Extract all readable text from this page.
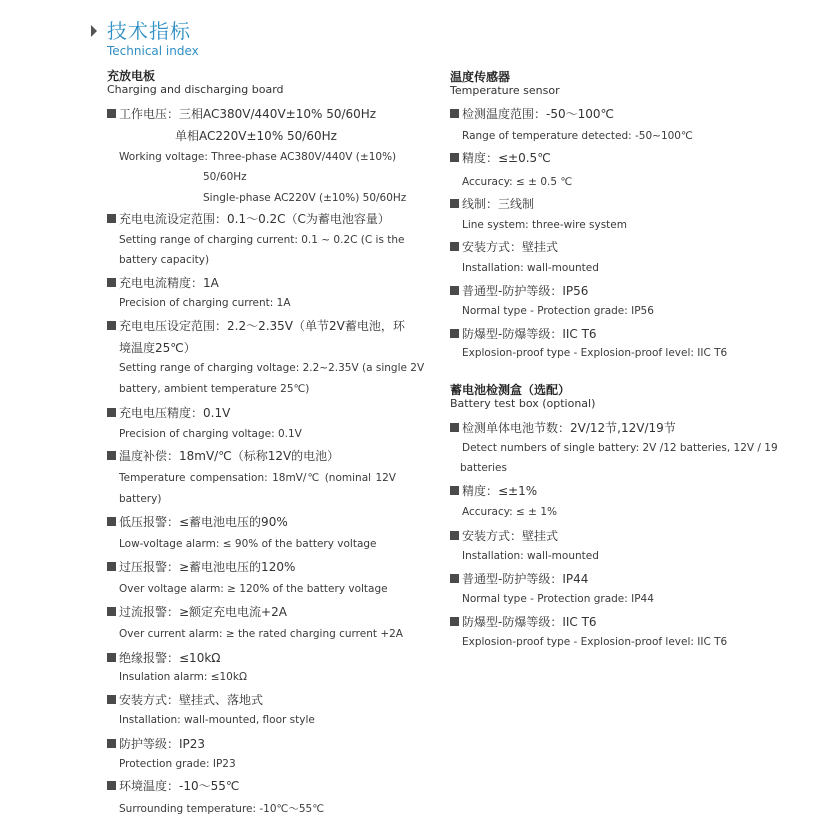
技术指标
Technical index
充放电板
Charging and discharging board
工作电压：三相AC380V/440V±10% 50/60Hz
单相AC220V±10% 50/60Hz
Working voltage: Three-phase AC380V/440V (±10%)
50/60Hz
Single-phase AC220V (±10%) 50/60Hz
充电电流设定范围：0.1～0.2C（C为蓄电池容量）
Setting range of charging current: 0.1 ~ 0.2C (C is the
battery capacity)
充电电流精度：1A
Precision of charging current: 1A
充电电压设定范围：2.2～2.35V（单节2V蓄电池，环
境温度25℃）
Setting range of charging voltage: 2.2~2.35V (a single 2V
battery, ambient temperature 25℃)
充电电压精度：0.1V
Precision of charging voltage: 0.1V
温度补偿：18mV/℃（标称12V的电池）
Temperature compensation: 18mV/℃ (nominal 12V
battery)
低压报警：≤蓄电池电压的90%
Low-voltage alarm: ≤ 90% of the battery voltage
过压报警：≥蓄电池电压的120%
Over voltage alarm: ≥ 120% of the battery voltage
过流报警：≥额定充电电流+2A
Over current alarm: ≥ the rated charging current +2A
绝缘报警：≤10kΩ
Insulation alarm: ≤10kΩ
安装方式：壁挂式、落地式
Installation: wall-mounted, floor style
防护等级：IP23
Protection grade: IP23
环境温度：-10～55℃
Surrounding temperature: -10℃～55℃
温度传感器
Temperature sensor
检测温度范围：-50～100℃
Range of temperature detected: -50~100℃
精度：≤±0.5℃
Accuracy: ≤ ± 0.5 ℃
线制：三线制
Line system: three-wire system
安装方式：壁挂式
Installation: wall-mounted
普通型-防护等级：IP56
Normal type - Protection grade: IP56
防爆型-防爆等级：IIC T6
Explosion-proof type - Explosion-proof level: IIC T6
蓄电池检测盒（选配）
Battery test box (optional)
检测单体电池节数：2V/12节,12V/19节
Detect numbers of single battery: 2V /12 batteries, 12V / 19
batteries
精度：≤±1%
Accuracy: ≤ ± 1%
安装方式：壁挂式
Installation: wall-mounted
普通型-防护等级：IP44
Normal type - Protection grade: IP44
防爆型-防爆等级：IIC T6
Explosion-proof type - Explosion-proof level: IIC T6
